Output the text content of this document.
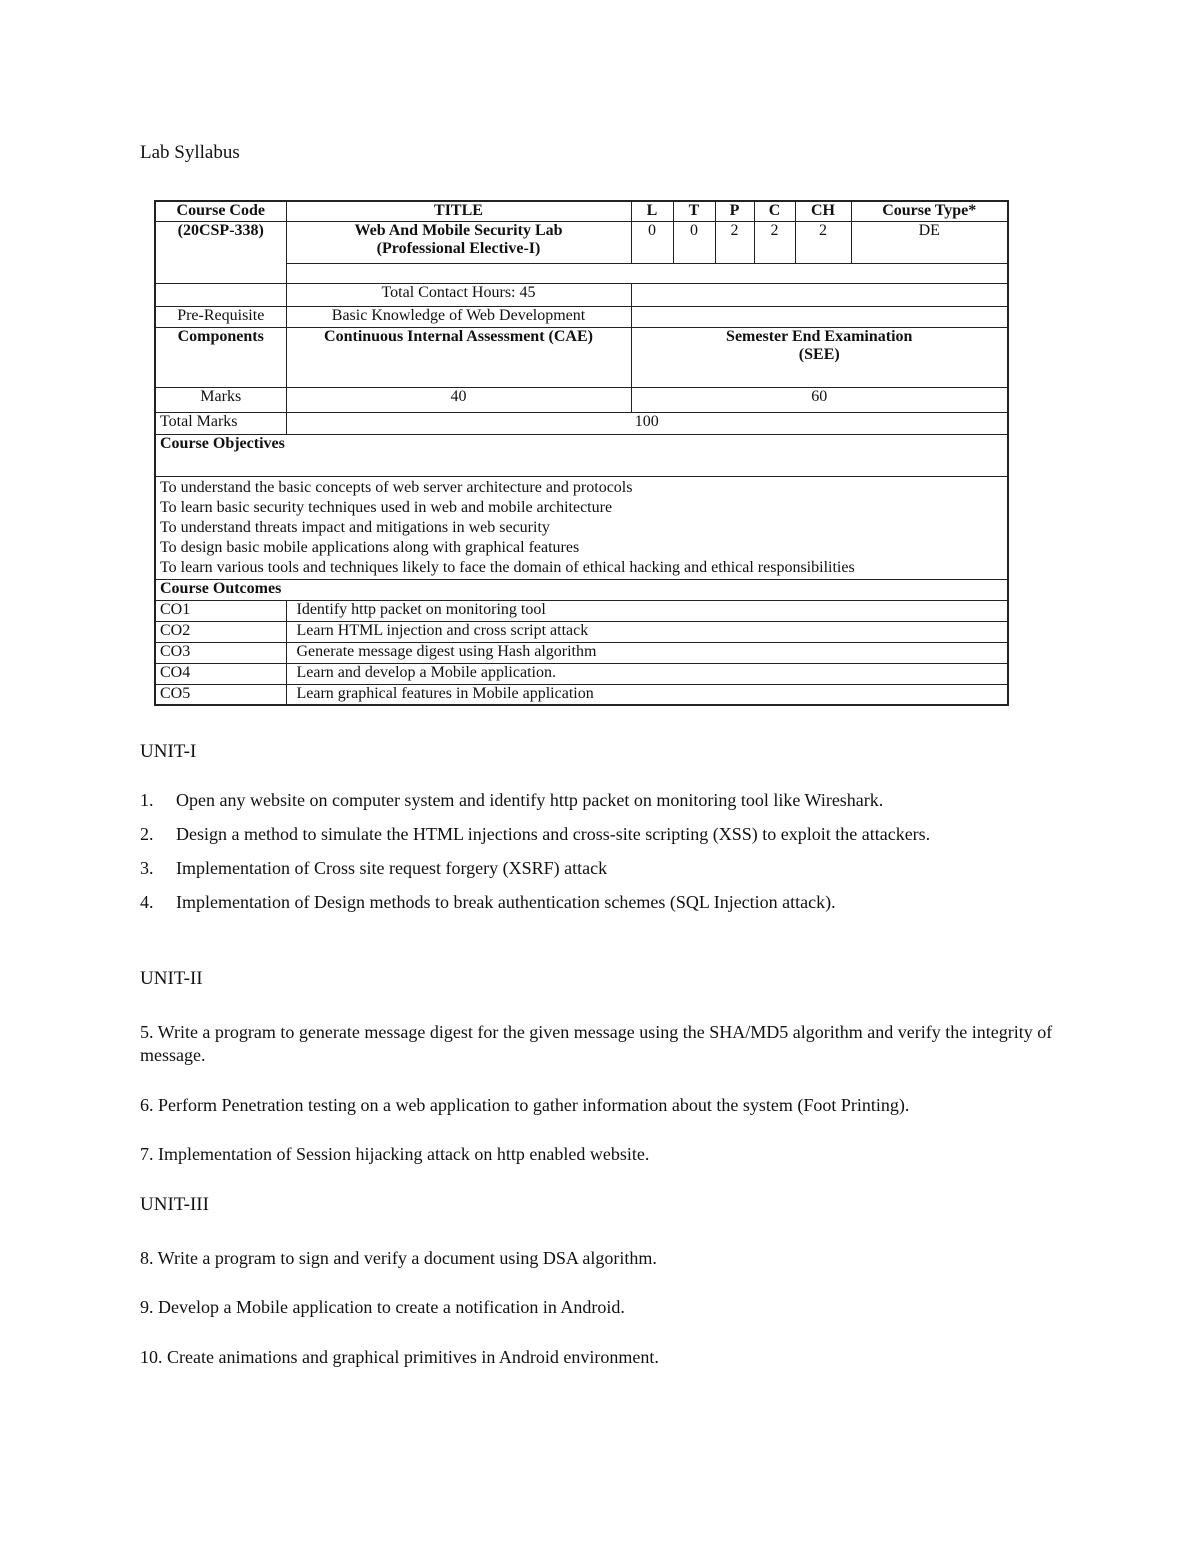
Lab Syllabus
Course Code	TITLE	L	T	P	C	CH	Course Type*
(20CSP-338)	Web And Mobile Security Lab
(Professional Elective-I)	0	0	2	2	2	DE

	Total Contact Hours: 45						
Pre-Requisite	Basic Knowledge of Web Development						
Components	Continuous Internal Assessment (CAE)	Semester End Examination
(SEE)					

Marks	40	60					
Total Marks	100						
Course Objectives							

To understand the basic concepts of web server architecture and protocols
To learn basic security techniques used in web and mobile architecture
To understand threats impact and mitigations in web security
To design basic mobile applications along with graphical features
To learn various tools and techniques likely to face the domain of ethical hacking and ethical responsibilities							

Course Outcomes							
CO1	Identify http packet on monitoring tool						
CO2	Learn HTML injection and cross script attack						
CO3	Generate message digest using Hash algorithm						
CO4	Learn and develop a Mobile application.						
CO5	Learn graphical features in Mobile application						
UNIT-I
1. Open any website on computer system and identify http packet on monitoring tool like Wireshark.
2. Design a method to simulate the HTML injections and cross-site scripting (XSS) to exploit the attackers.
3. Implementation of Cross site request forgery (XSRF) attack
4. Implementation of Design methods to break authentication schemes (SQL Injection attack).
UNIT-II
5. Write a program to generate message digest for the given message using the SHA/MD5 algorithm and verify the integrity of message.
6. Perform Penetration testing on a web application to gather information about the system (Foot Printing).
7. Implementation of Session hijacking attack on http enabled website.
UNIT-III
8. Write a program to sign and verify a document using DSA algorithm.
9. Develop a Mobile application to create a notification in Android.
10. Create animations and graphical primitives in Android environment.
